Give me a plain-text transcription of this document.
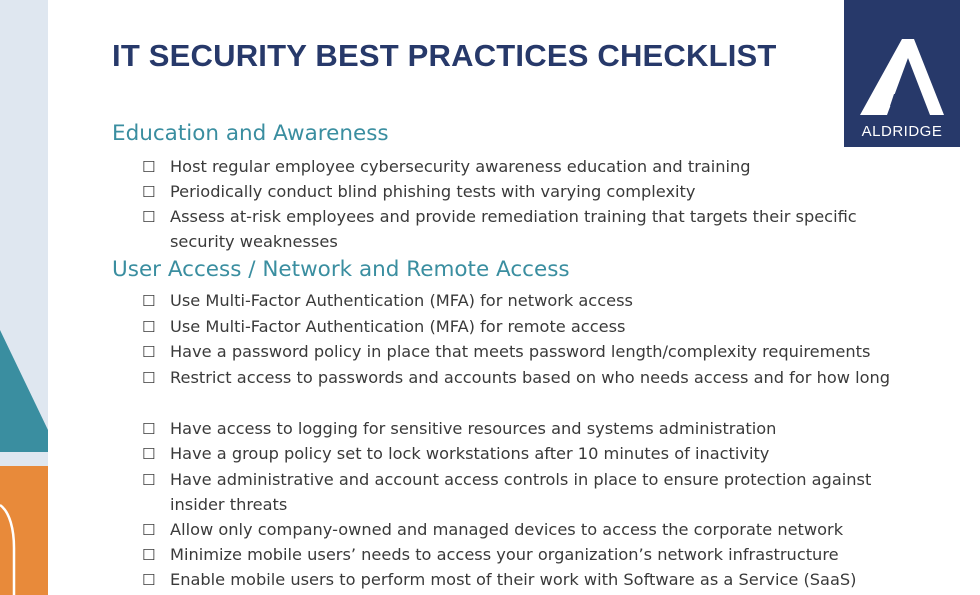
ALDRIDGE
IT SECURITY BEST PRACTICES CHECKLIST
Education and Awareness
☐ Host regular employee cybersecurity awareness education and training
☐ Periodically conduct blind phishing tests with varying complexity
☐ Assess at-risk employees and provide remediation training that targets their specific security weaknesses
User Access / Network and Remote Access
☐ Use Multi-Factor Authentication (MFA) for network access
☐ Use Multi-Factor Authentication (MFA) for remote access
☐ Have a password policy in place that meets password length/complexity requirements
☐ Restrict access to passwords and accounts based on who needs access and for how long
☐ Have access to logging for sensitive resources and systems administration
☐ Have a group policy set to lock workstations after 10 minutes of inactivity
☐ Have administrative and account access controls in place to ensure protection against insider threats
☐ Allow only company-owned and managed devices to access the corporate network
☐ Minimize mobile users’ needs to access your organization’s network infrastructure
☐ Enable mobile users to perform most of their work with Software as a Service (SaaS)
